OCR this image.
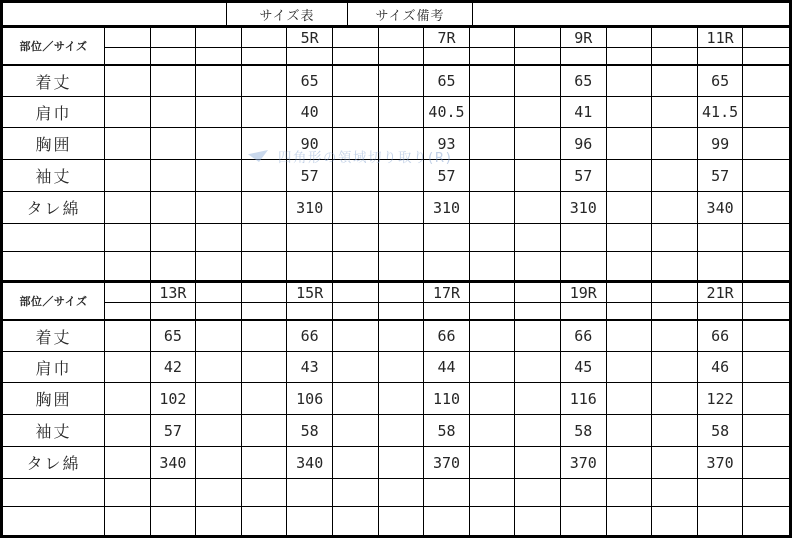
サイズ表	サイズ備考
部位／サイズ	5R	7R	9R	11R
着丈	65	65	65	65
肩巾	40	40.5	41	41.5
胸囲	90	93	96	99
袖丈	57	57	57	57
タレ綿	310	310	310	340
部位／サイズ	13R	15R	17R	19R	21R
着丈	65	66	66	66	66
肩巾	42	43	44	45	46
胸囲	102	106	110	116	122
袖丈	57	58	58	58	58
タレ綿	340	340	370	370	370
四角形の領域切り取り(R)
